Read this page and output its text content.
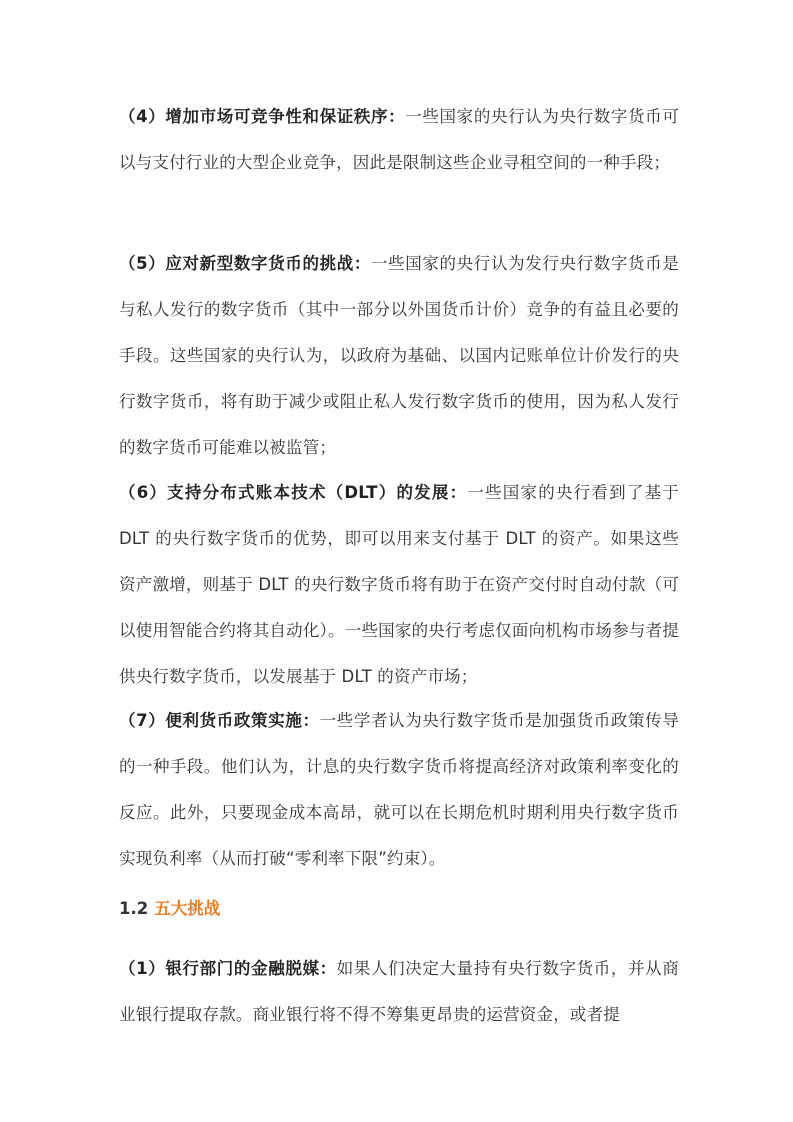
（4）增加市场可竞争性和保证秩序：一些国家的央行认为央行数字货币可以与支付行业的大型企业竞争，因此是限制这些企业寻租空间的一种手段；

（5）应对新型数字货币的挑战：一些国家的央行认为发行央行数字货币是与私人发行的数字货币（其中一部分以外国货币计价）竞争的有益且必要的手段。这些国家的央行认为，以政府为基础、以国内记账单位计价发行的央行数字货币，将有助于减少或阻止私人发行数字货币的使用，因为私人发行的数字货币可能难以被监管；

（6）支持分布式账本技术（DLT）的发展：一些国家的央行看到了基于 DLT 的央行数字货币的优势，即可以用来支付基于 DLT 的资产。如果这些资产激增，则基于 DLT 的央行数字货币将有助于在资产交付时自动付款（可以使用智能合约将其自动化）。一些国家的央行考虑仅面向机构市场参与者提供央行数字货币，以发展基于 DLT 的资产市场；

（7）便利货币政策实施：一些学者认为央行数字货币是加强货币政策传导的一种手段。他们认为，计息的央行数字货币将提高经济对政策利率变化的反应。此外，只要现金成本高昂，就可以在长期危机时期利用央行数字货币实现负利率（从而打破“零利率下限”约束）。

1.2 五大挑战

（1）银行部门的金融脱媒：如果人们决定大量持有央行数字货币，并从商业银行提取存款。商业银行将不得不筹集更昂贵的运营资金，或者提
